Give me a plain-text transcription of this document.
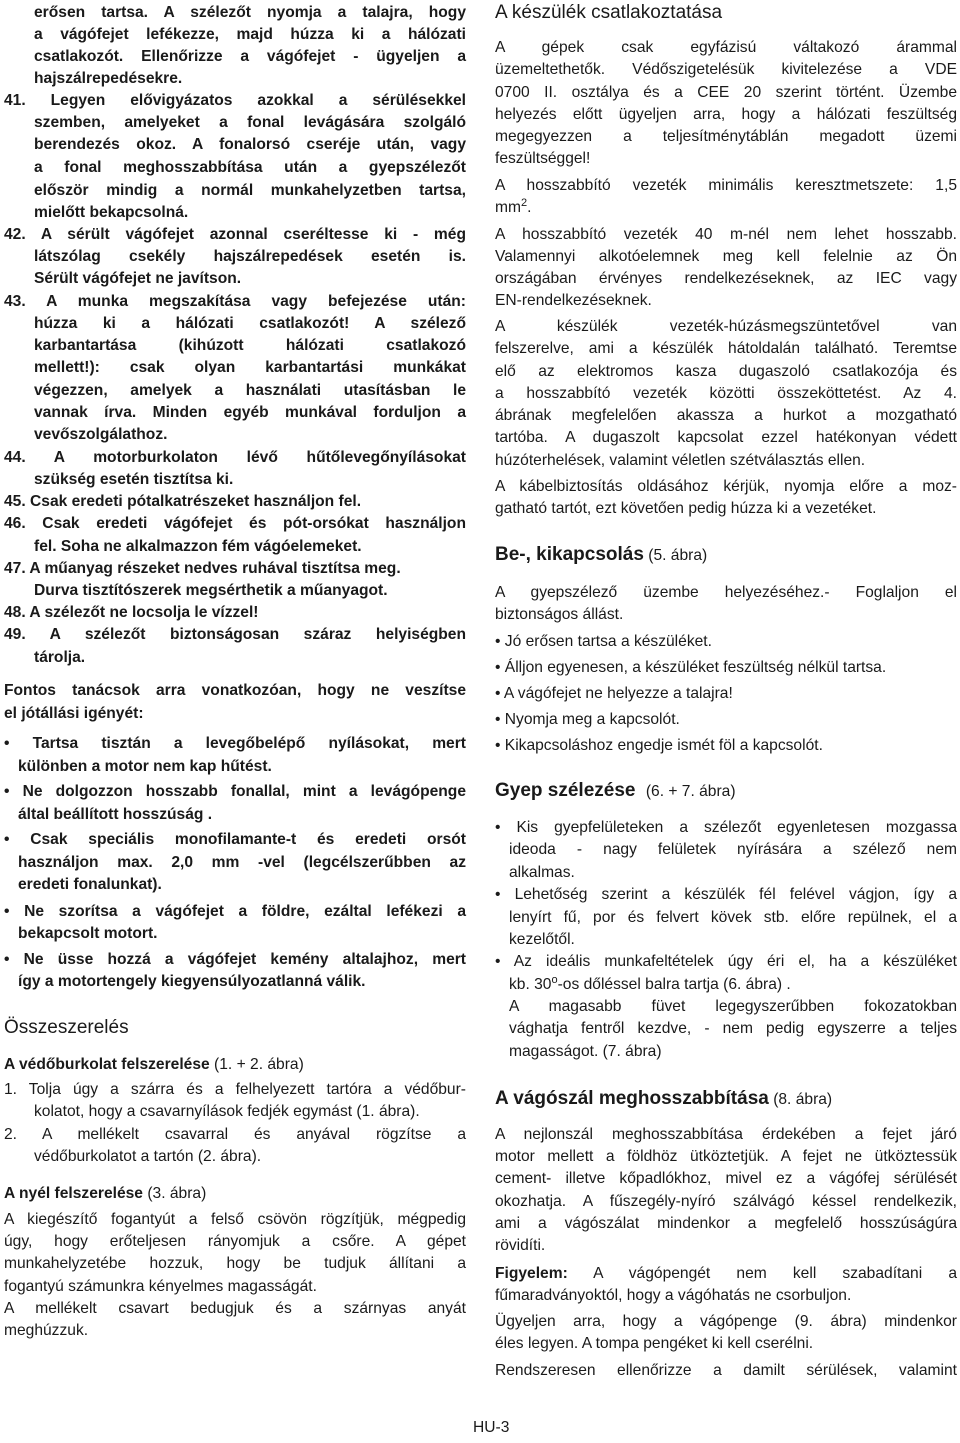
erősen tartsa. A szélezőt nyomja a talajra, hogy
a vágófejet lefékezze, majd húzza ki a hálózati
csatlakozót. Ellenőrizze a vágófejet - ügyeljen a
hajszálrepedésekre.
41. Legyen elővigyázatos azokkal a sérülésekkel
szemben, amelyeket a fonal levágására szolgáló
berendezés okoz. A fonalorsó cseréje után, vagy
a fonal meghosszabbítása után a gyepszélezőt
először mindig a normál munkahelyzetben tartsa,
mielőtt bekapcsolná.
42. A sérült vágófejet azonnal cseréltesse ki - még
látszólag csekély hajszálrepedések esetén is.
Sérült vágófejet ne javítson.
43. A munka megszakítása vagy befejezése után:
húzza ki a hálózati csatlakozót! A szélező
karbantartása (kihúzott hálózati csatlakozó
mellett!): csak olyan karbantartási munkákat
végezzen, amelyek a használati utasításban le
vannak írva. Minden egyéb munkával forduljon a
vevőszolgálathoz.
44. A motorburkolaton lévő hűtőlevegőnyílásokat
szükség esetén tisztítsa ki.
45. Csak eredeti pótalkatrészeket használjon fel.
46. Csak eredeti vágófejet és pót-orsókat használjon
fel. Soha ne alkalmazzon fém vágóelemeket.
47. A műanyag részeket nedves ruhával tisztítsa meg.
Durva tisztítószerek megsérthetik a műanyagot.
48. A szélezőt ne locsolja le vízzel!
49. A szélezőt biztonságosan száraz helyiségben
tárolja.
Fontos tanácsok arra vonatkozóan, hogy ne veszítse
el jótállási igényét:
• Tartsa tisztán a levegőbelépő nyílásokat, mert
különben a motor nem kap hűtést.
• Ne dolgozzon hosszabb fonallal, mint a levágópenge
által beállított hosszúság .
• Csak speciális monofilamante-t és eredeti orsót
használjon max. 2,0 mm -vel (legcélszerűbben az
eredeti fonalunkat).
• Ne szorítsa a vágófejet a földre, ezáltal lefékezi a
bekapcsolt motort.
• Ne üsse hozzá a vágófejet kemény altalajhoz, mert
így a motortengely kiegyensúlyozatlanná válik.
Összeszerelés
A védőburkolat felszerelése (1. + 2. ábra)
1. Tolja úgy a szárra és a felhelyezett tartóra a védőbur-
kolatot, hogy a csavarnyílások fedjék egymást (1. ábra).
2. A mellékelt csavarral és anyával rögzítse a
védőburkolatot a tartón (2. ábra).
A nyél felszerelése (3. ábra)
A kiegészítő fogantyút a felső csövön rögzítjük, mégpedig
úgy, hogy erőteljesen rányomjuk a csőre. A gépet
munkahelyzetébe hozzuk, hogy be tudjuk állítani a
fogantyú számunkra kényelmes magasságát.
A mellékelt csavart bedugjuk és a szárnyas anyát
meghúzzuk.
A készülék csatlakoztatása
A gépek csak egyfázisú váltakozó árammal
üzemeltethetők. Védőszigetelésük kivitelezése a VDE
0700 II. osztálya és a CEE 20 szerint történt. Üzembe
helyezés előtt ügyeljen arra, hogy a hálózati feszültség
megegyezzen a teljesítménytáblán megadott üzemi
feszültséggel!
A hosszabbító vezeték minimális keresztmetszete: 1,5
$mm^2$.
A hosszabbító vezeték 40 m-nél nem lehet hosszabb.
Valamennyi alkotóelemnek meg kell felelnie az Ön
országában érvényes rendelkezéseknek, az IEC vagy
EN-rendelkezéseknek.
A készülék vezeték-húzásmegszüntetővel van
felszerelve, ami a készülék hátoldalán található. Teremtse
elő az elektromos kasza dugaszoló csatlakozója és
a hosszabbító vezeték közötti összeköttetést. Az 4.
ábrának megfelelően akassza a hurkot a mozgatható
tartóba. A dugaszolt kapcsolat ezzel hatékonyan védett
húzóterhelések, valamint véletlen szétválasztás ellen.
A kábelbiztosítás oldásához kérjük, nyomja előre a moz-
gatható tartót, ezt követően pedig húzza ki a vezetéket.
Be-, kikapcsolás (5. ábra)
A gyepszélező üzembe helyezéséhez.- Foglaljon el
biztonságos állást.
• Jó erősen tartsa a készüléket.
• Álljon egyenesen, a készüléket feszültség nélkül tartsa.
• A vágófejet ne helyezze a talajra!
• Nyomja meg a kapcsolót.
• Kikapcsoláshoz engedje ismét föl a kapcsolót.
Gyep szélezése (6. + 7. ábra)
• Kis gyepfelületeken a szélezőt egyenletesen mozgassa
ideoda - nagy felületek nyírására a szélező nem
alkalmas.
• Lehetőség szerint a készülék fél felével vágjon, így a
lenyírt fű, por és felvert kövek stb. előre repülnek, el a
kezelőtől.
• Az ideális munkafeltételek úgy éri el, ha a készüléket
kb. 30$^o$-os dőléssel balra tartja (6. ábra) .
A magasabb füvet legegyszerűbben fokozatokban
vághatja fentről kezdve, - nem pedig egyszerre a teljes
magasságot. (7. ábra)
A vágószál meghosszabbítása (8. ábra)
A nejlonszál meghosszabbítása érdekében a fejet járó
motor mellett a földhöz ütköztetjük. A fejet ne ütköztessük
cement- illetve kőpadlókhoz, mivel ez a vágófej sérülését
okozhatja. A fűszegély-nyíró szálvágó késsel rendelkezik,
ami a vágószálat mindenkor a megfelelő hosszúságúra
rövidíti.
Figyelem: A vágópengét nem kell szabadítani a
fűmaradványoktól, hogy a vágóhatás ne csorbuljon.
Ügyeljen arra, hogy a vágópenge (9. ábra) mindenkor
éles legyen. A tompa pengéket ki kell cserélni.
Rendszeresen ellenőrizze a damilt sérülések, valamint
HU-3
